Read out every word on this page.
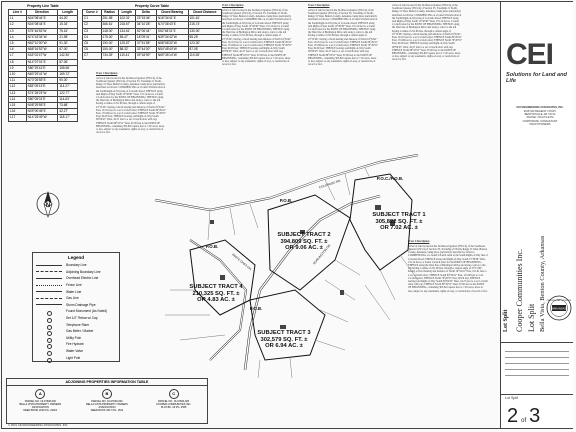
Property Line Table
Line #	Direction	Length
L1	N04°08'44"E	44.20'
L2	N04°08'44"E	15.34'
L3	S75°46'53"W	75.16'
L4	N74°43'34"W	21.98'
L5	N82°10'00"W	91.30'
L6	N88°16'52"W	67.00'
L7	S43°02'47"W	142.30'
L8	N14°07'01"E	87.06'
L9	S80°29'41"E	155.96'
L10	N80°29'41"W	169.72'
L11	N70°26'55"E	90.00'
L12	S83°09'13"E	114.27'
L13	S74°28'23"W	122.77'
L14	S80°05'01"E	114.63'
L15	N08°29'55"E	73.68'
L16	N09°00'45"E	42.27'
L17	N14°25'49"W	118.17'
Property Curve Table
Curve #	Radius	Length	Delta	Chord Bearing	Chord Distance
C1	251.98'	102.31'	23°15'46"	N16°34'41"E	101.61'
C2	366.61'	218.67'	34°10'28"	N74°36'43"E	215.74'
C3	148.00'	134.61'	52°06'44"	S52°48'31"E	130.00'
C4	175.00'	55.47'	18°09'41"	N39°34'42"W	55.25'
C5	190.00'	125.57'	37°51'58"	N58°58'32"W	123.30'
C6	150.00'	88.32'	33°44'00"	N54°45'44"W	87.05'
C7	734.39'	119.41'	09°18'59"	N69°35'14"W	119.28'

Tract 1 Description

A Part of land located in the Northwest Quarter (NW1/4) of the Southwest Quarter (SW1/4) of Section 33, Township 21 North, Range 31 West, Benton County, Arkansas, being more particularly described as follows: COMMENCING at a found 5/8-inch rebar at the South Right-of-Way line of Colorado Road; THENCE along said Right-of-Way South 15°36'38" West, 155.14 feet to a found 1/2-inch rebar for the POINT OF BEGINNING; THENCE along the West line of Burlington Drive and along a curve to the left having a radius of 251.98 feet, through a central angle of 23°15'46", having a chord bearing and distance of North 16°34'41" East, 101.61 feet to a set 1/2-inch rebar; THENCE South 80°29'41" East, 155.96 feet to a set 1/2-inch rebar; THENCE North 70°26'55" East, 90.00 feet; THENCE leaving said Right-of-Way South 09°00'45" West, 42.27 feet to a set 1/2-inch rebar with cap; THENCE North 88°16'52" West, 67.00 feet to the POINT OF BEGINNING, containing 305,822 square feet or 7.02 acres, more or less, subject to any easements, rights-of-way, or restrictions of record or fact.

Tract 2 Description

A Part of land located in the Northwest Quarter (NW1/4) of the Southwest Quarter (SW1/4) of Section 33, Township 21 North, Range 31 West, Benton County, Arkansas, being more particularly described as follows: COMMENCING at a found 5/8-inch rebar at the South Right-of-Way line of Colorado Road; THENCE along said Right-of-Way South 15°36'38" West, 155.14 feet to a found 1/2-inch rebar for the POINT OF BEGINNING; THENCE along the West line of Burlington Drive and along a curve to the left having a radius of 251.98 feet, through a central angle of 23°15'46", having a chord bearing and distance of North 16°34'41" East, 101.61 feet to a set 1/2-inch rebar; THENCE South 80°29'41" East, 155.96 feet to a set 1/2-inch rebar; THENCE North 70°26'55" East, 90.00 feet; THENCE leaving said Right-of-Way South 09°00'45" West, 42.27 feet to a set 1/2-inch rebar with cap; THENCE North 88°16'52" West, 67.00 feet to the POINT OF BEGINNING, containing 305,822 square feet or 7.02 acres, more or less, subject to any easements, rights-of-way, or restrictions of record or fact.

Tract 3 Description

A Part of land located in the Northwest Quarter (NW1/4) of the Southwest Quarter (SW1/4) of Section 33, Township 21 North, Range 31 West, Benton County, Arkansas, being more particularly described as follows: COMMENCING at a found 5/8-inch rebar at the South Right-of-Way line of Colorado Road; THENCE along said Right-of-Way South 15°36'38" West, 155.14 feet to a found 1/2-inch rebar for the POINT OF BEGINNING; THENCE along the West line of Burlington Drive and along a curve to the left having a radius of 251.98 feet, through a central angle of 23°15'46", having a chord bearing and distance of North 16°34'41" East, 101.61 feet to a set 1/2-inch rebar; THENCE South 80°29'41" East, 155.96 feet to a set 1/2-inch rebar; THENCE North 70°26'55" East, 90.00 feet; THENCE leaving said Right-of-Way South 09°00'45" West, 42.27 feet to a set 1/2-inch rebar with cap; THENCE North 88°16'52" West, 67.00 feet to the POINT OF BEGINNING, containing 305,822 square feet or 7.02 acres, more or less, subject to any easements, rights-of-way, or restrictions of record or fact.

A Part of land located in the Northwest Quarter (NW1/4) of the Southwest Quarter (SW1/4) of Section 33, Township 21 North, Range 31 West, Benton County, Arkansas, being more particularly described as follows: COMMENCING at a found 5/8-inch rebar at the South Right-of-Way line of Colorado Road; THENCE along said Right-of-Way South 15°36'38" West, 155.14 feet to a found 1/2-inch rebar for the POINT OF BEGINNING; THENCE along the West line of Burlington Drive and along a curve to the left having a radius of 251.98 feet, through a central angle of 23°15'46", having a chord bearing and distance of North 16°34'41" East, 101.61 feet to a set 1/2-inch rebar; THENCE South 80°29'41" East, 155.96 feet to a set 1/2-inch rebar; THENCE North 70°26'55" East, 90.00 feet; THENCE leaving said Right-of-Way South 09°00'45" West, 42.27 feet to a set 1/2-inch rebar with cap; THENCE North 88°16'52" West, 67.00 feet to the POINT OF BEGINNING, containing 305,822 square feet or 7.02 acres, more or less, subject to any easements, rights-of-way, or restrictions of record or fact.

Tract 4 Description

A Part of land located in the Northwest Quarter (NW1/4) of the Southwest Quarter (SW1/4) of Section 33, Township 21 North, Range 31 West, Benton County, Arkansas, being more particularly described as follows: COMMENCING at a found 5/8-inch rebar at the South Right-of-Way line of Colorado Road; THENCE along said Right-of-Way South 15°36'38" West, 155.14 feet to a found 1/2-inch rebar for the POINT OF BEGINNING; THENCE along the West line of Burlington Drive and along a curve to the left having a radius of 251.98 feet, through a central angle of 23°15'46", having a chord bearing and distance of North 16°34'41" East, 101.61 feet to a set 1/2-inch rebar; THENCE South 80°29'41" East, 155.96 feet to a set 1/2-inch rebar; THENCE North 70°26'55" East, 90.00 feet; THENCE leaving said Right-of-Way South 09°00'45" West, 42.27 feet to a set 1/2-inch rebar with cap; THENCE North 88°16'52" West, 67.00 feet to the POINT OF BEGINNING, containing 305,822 square feet or 7.02 acres, more or less, subject to any easements, rights-of-way, or restrictions of record or fact.

N
Legend
Boundary Line
Adjoining Boundary Line
Overhead Electric Line
Fence Line
Water Line
Gas Line
Storm Drainage Pipe
Found Monument (As Noted)
Set 1/2" Rebar w/ Cap
Telephone Riser
Gas Meter / Marker
Utility Pole
Fire Hydrant
Water Valve
Light Pole
ADJOINING PROPERTIES INFORMATION TABLE
A
PARCEL NO. 16-07608-000
BELLA VISTA PROPERTY OWNERS
ASSOCIATION
DEED BOOK 2016 PG. 24401
B
PARCEL NO. 16-07629-000
BELLA VISTA PROPERTY OWNERS
ASSOCIATION
DEED BOOK 2017 PG. 1531
C
PARCEL NO. 16-07600-000
COOPER COMMUNITIES INC.
PLAT BK. 23 PG. 2555
© 2021 CEI ENGINEERING ASSOCIATES, INC.
SUBJECT TRACT 1
305,822 SQ. FT. ±
OR 7.02 AC. ±
SUBJECT TRACT 2
394,809 SQ. FT. ±
OR 9.06 AC. ±
SUBJECT TRACT 3
302,579 SQ. FT. ±
OR 6.94 AC. ±
SUBJECT TRACT 4
210,325 SQ. FT. ±
OR 4.83 AC. ±
P.O.C./P.O.B.
P.O.B.
P.O.B.
P.O.B.
BURLINGTON DR.
WHITE OAKS DR.
COLORADO RD.
CEI
Solutions for Land and Life
CEI ENGINEERING ASSOCIATES, INC.
3108 SW REGENCY PKWY
BENTONVILLE, AR 72712
PHONE: 479-273-9472
CORPORATE: CONSULTANT PRACTITIONERS
Lot Split Cooper Communities Inc. Lot Split Bella Vista, Benton County, Arkansas ARKANSAS
PROFESSIONAL SURVEYOR
Lot Split
2 of 3
